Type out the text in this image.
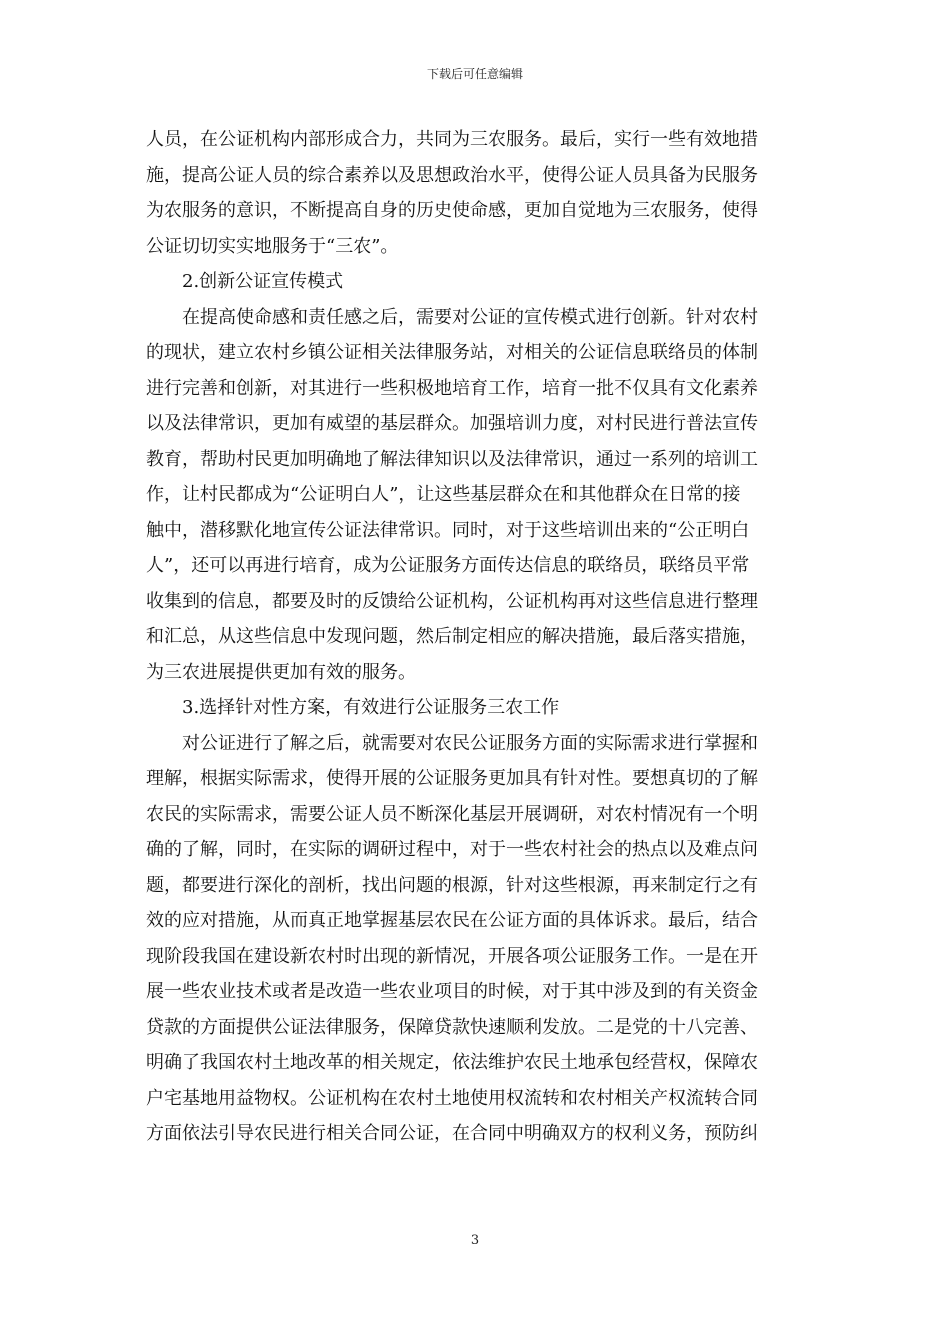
下载后可任意编辑
人员，在公证机构内部形成合力，共同为三农服务。最后，实行一些有效地措
施，提高公证人员的综合素养以及思想政治水平，使得公证人员具备为民服务
为农服务的意识，不断提高自身的历史使命感，更加自觉地为三农服务，使得
公证切切实实地服务于“三农”。
2.创新公证宣传模式
在提高使命感和责任感之后，需要对公证的宣传模式进行创新。针对农村
的现状，建立农村乡镇公证相关法律服务站，对相关的公证信息联络员的体制
进行完善和创新，对其进行一些积极地培育工作，培育一批不仅具有文化素养
以及法律常识，更加有威望的基层群众。加强培训力度，对村民进行普法宣传
教育，帮助村民更加明确地了解法律知识以及法律常识，通过一系列的培训工
作，让村民都成为“公证明白人”，让这些基层群众在和其他群众在日常的接
触中，潜移默化地宣传公证法律常识。同时，对于这些培训出来的“公正明白
人”，还可以再进行培育，成为公证服务方面传达信息的联络员，联络员平常
收集到的信息，都要及时的反馈给公证机构，公证机构再对这些信息进行整理
和汇总，从这些信息中发现问题，然后制定相应的解决措施，最后落实措施，
为三农进展提供更加有效的服务。
3.选择针对性方案，有效进行公证服务三农工作
对公证进行了解之后，就需要对农民公证服务方面的实际需求进行掌握和
理解，根据实际需求，使得开展的公证服务更加具有针对性。要想真切的了解
农民的实际需求，需要公证人员不断深化基层开展调研，对农村情况有一个明
确的了解，同时，在实际的调研过程中，对于一些农村社会的热点以及难点问
题，都要进行深化的剖析，找出问题的根源，针对这些根源，再来制定行之有
效的应对措施，从而真正地掌握基层农民在公证方面的具体诉求。最后，结合
现阶段我国在建设新农村时出现的新情况，开展各项公证服务工作。一是在开
展一些农业技术或者是改造一些农业项目的时候，对于其中涉及到的有关资金
贷款的方面提供公证法律服务，保障贷款快速顺利发放。二是党的十八完善、
明确了我国农村土地改革的相关规定，依法维护农民土地承包经营权，保障农
户宅基地用益物权。公证机构在农村土地使用权流转和农村相关产权流转合同
方面依法引导农民进行相关合同公证，在合同中明确双方的权利义务，预防纠
3
